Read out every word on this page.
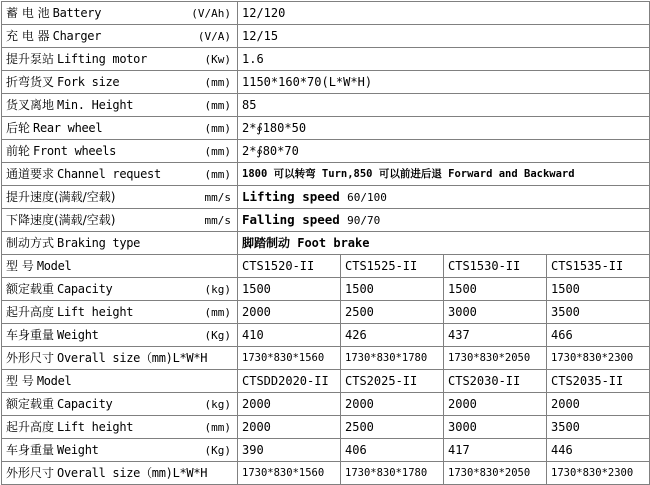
蓄 电 池 Battery (V/Ah)	12/120			

充 电 器 Charger (V/A)	12/15			

提升泵站 Lifting motor (Kw)	1.6			

折弯货叉 Fork size (mm)	1150*160*70(L*W*H)			

货叉离地 Min. Height (mm)	85			

后轮 Rear wheel (mm)	2*∮180*50			

前轮 Front wheels (mm)	2*∮80*70			

通道要求 Channel request (mm)	1800 可以转弯 Turn,850 可以前进后退 Forward and Backward			

提升速度(满载/空载) mm/s	Lifting speed 60/100			

下降速度(满载/空载) mm/s	Falling speed 90/70			

制动方式 Braking type	脚踏制动 Foot brake			

型 号 Model	CTS1520-II	CTS1525-II	CTS1530-II	CTS1535-II

额定载重 Capacity (kg)	1500	1500	1500	1500

起升高度 Lift height (mm)	2000	2500	3000	3500

车身重量 Weight (Kg)	410	426	437	466

外形尺寸 Overall size（mm)L*W*H	1730*830*1560	1730*830*1780	1730*830*2050	1730*830*2300

型 号 Model	CTSDD2020-II	CTS2025-II	CTS2030-II	CTS2035-II

额定载重 Capacity (kg)	2000	2000	2000	2000

起升高度 Lift height (mm)	2000	2500	3000	3500

车身重量 Weight (Kg)	390	406	417	446

外形尺寸 Overall size（mm)L*W*H	1730*830*1560	1730*830*1780	1730*830*2050	1730*830*2300
